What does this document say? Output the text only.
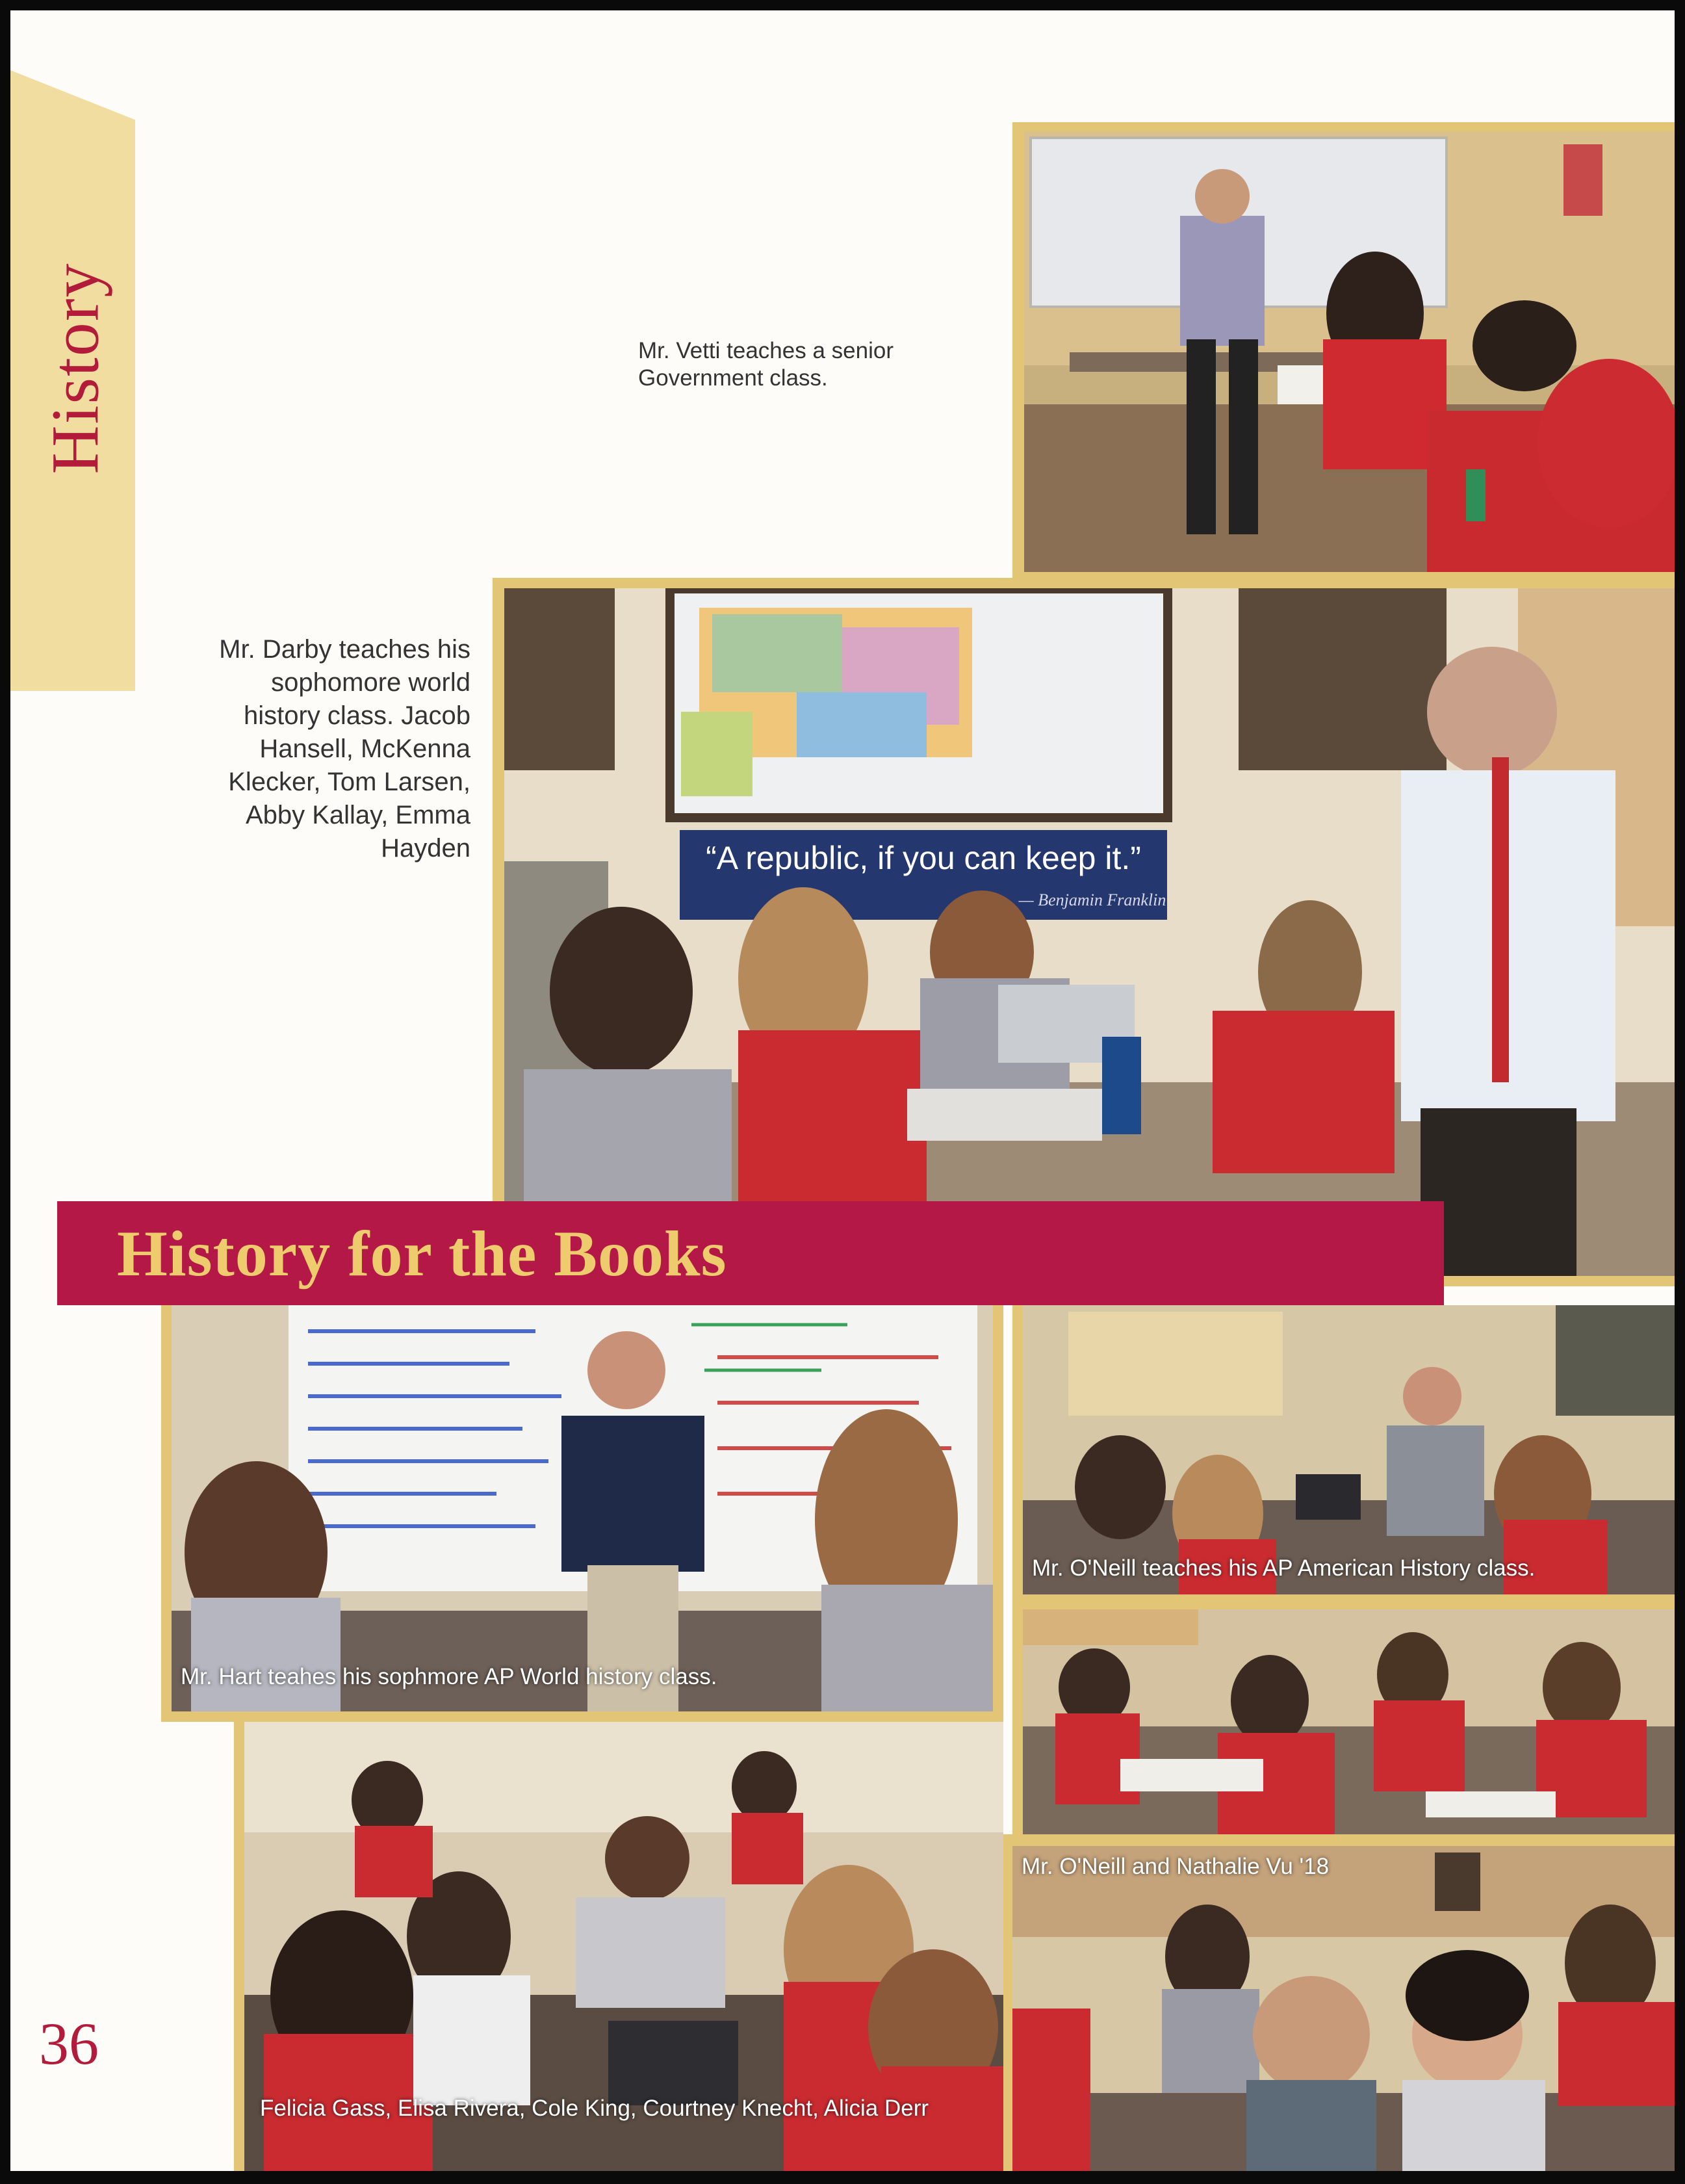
History	Mr. Vetti teaches a senior Government class.
“A republic, if you can keep it.”
— Benjamin Franklin
Mr. Darby teaches his sophomore world history class. Jacob Hansell, McKenna Klecker, Tom Larsen, Abby Kallay, Emma Hayden
History for the Books
Mr. Hart teahes his sophmore AP World history class.
Mr. O'Neill teaches his AP American History class.
Mr. O'Neill and Nathalie Vu '18
Felicia Gass, Elisa Rivera, Cole King, Courtney Knecht, Alicia Derr
36
